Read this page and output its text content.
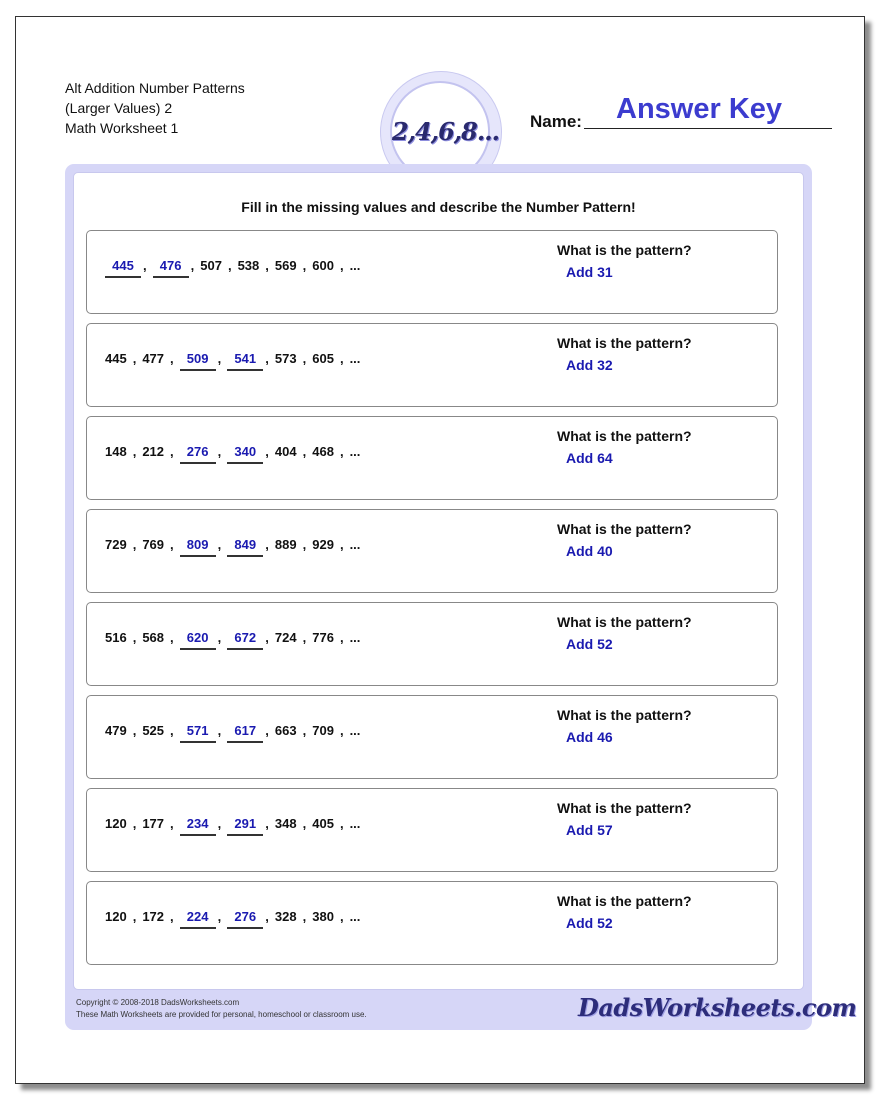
Alt Addition Number Patterns
(Larger Values) 2
Math Worksheet 1	2,4,6,8... Name: Answer Key
Fill in the missing values and describe the Number Pattern!
445 ,	476 , 507 , 538 , 569 , 600 , ...
What is the pattern?
Add 31
445 , 477 ,	509 ,	541 , 573 , 605 , ...
What is the pattern?
Add 32
148 , 212 ,	276 ,	340 , 404 , 468 , ...
What is the pattern?
Add 64
729 , 769 ,	809 ,	849 , 889 , 929 , ...
What is the pattern?
Add 40
516 , 568 ,	620 ,	672 , 724 , 776 , ...
What is the pattern?
Add 52
479 , 525 ,	571 ,	617 , 663 , 709 , ...
What is the pattern?
Add 46
120 , 177 ,	234 ,	291 , 348 , 405 , ...
What is the pattern?
Add 57
120 , 172 ,	224 ,	276 , 328 , 380 , ...
What is the pattern?
Add 52
Copyright © 2008-2018 DadsWorksheets.com
These Math Worksheets are provided for personal, homeschool or classroom use.	DadsWorksheets.com
